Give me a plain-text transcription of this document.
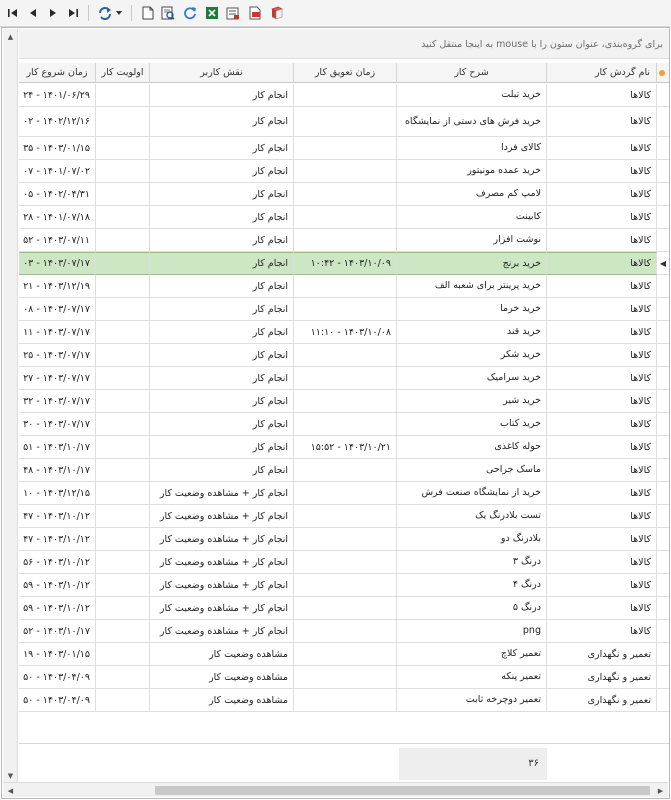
▲
▼
برای گروه‌بندی، عنوان ستون را با mouse به اینجا منتقل کنید
نام گردش کار
شرح کار
زمان تعویق کار
نقش کاربر
اولویت کار
زمان شروع کار
کالاها
خرید تبلت
انجام کار
۱۴۰۱/۰۶/۲۹ - ۲۴
کالاها
خرید فرش های دستی از نمایشگاه
انجام کار
۱۴۰۲/۱۲/۱۶ - ۰۲
کالاها
کالای فردا
انجام کار
۱۴۰۳/۰۱/۱۵ - ۳۵
کالاها
خرید عمده مونیتور
انجام کار
۱۴۰۱/۰۷/۰۲ - ۰۷
کالاها
لامپ کم مصرف
انجام کار
۱۴۰۲/۰۴/۳۱ - ۰۵
کالاها
کابینت
انجام کار
۱۴۰۱/۰۷/۱۸ - ۲۸
کالاها
نوشت افزار
انجام کار
۱۴۰۳/۰۷/۱۱ - ۵۲
کالاها
خرید برنج
۱۴۰۳/۱۰/۰۹ - ۱۰:۴۲
انجام کار
۱۴۰۳/۰۷/۱۷ - ۰۳	◀
کالاها
خرید پرینتر برای شعبه الف
انجام کار
۱۴۰۳/۱۲/۱۹ - ۲۱
کالاها
خرید خرما
انجام کار
۱۴۰۳/۰۷/۱۷ - ۰۸
کالاها
خرید قند
۱۴۰۳/۱۰/۰۸ - ۱۱:۱۰
انجام کار
۱۴۰۳/۰۷/۱۷ - ۱۱
کالاها
خرید شکر
انجام کار
۱۴۰۳/۰۷/۱۷ - ۲۵
کالاها
خرید سرامیک
انجام کار
۱۴۰۳/۰۷/۱۷ - ۲۷
کالاها
خرید شیر
انجام کار
۱۴۰۳/۰۷/۱۷ - ۳۲
کالاها
خرید کتاب
انجام کار
۱۴۰۳/۰۷/۱۷ - ۳۰
کالاها
حوله کاغذی
۱۴۰۳/۱۰/۲۱ - ۱۵:۵۲
انجام کار
۱۴۰۳/۱۰/۱۷ - ۵۱
کالاها
ماسک جراحی
انجام کار
۱۴۰۳/۱۰/۱۷ - ۴۸
کالاها
خرید از نمایشگاه صنعت فرش
انجام کار + مشاهده وضعیت کار
۱۴۰۳/۱۲/۱۵ - ۱۰
کالاها
تست بلادرنگ یک
انجام کار + مشاهده وضعیت کار
۱۴۰۳/۱۰/۱۲ - ۴۷
کالاها
بلادرنگ دو
انجام کار + مشاهده وضعیت کار
۱۴۰۳/۱۰/۱۲ - ۴۷
کالاها
درنگ ۳
انجام کار + مشاهده وضعیت کار
۱۴۰۳/۱۰/۱۲ - ۵۶
کالاها
درنگ ۴
انجام کار + مشاهده وضعیت کار
۱۴۰۳/۱۰/۱۲ - ۵۹
کالاها
درنگ ۵
انجام کار + مشاهده وضعیت کار
۱۴۰۳/۱۰/۱۲ - ۵۹
کالاها
png
انجام کار + مشاهده وضعیت کار
۱۴۰۳/۱۰/۱۷ - ۵۲
تعمیر و نگهداری
تعمیر کلاچ
مشاهده وضعیت کار
۱۴۰۳/۰۱/۱۵ - ۱۹
تعمیر و نگهداری
تعمیر پنکه
مشاهده وضعیت کار
۱۴۰۳/۰۴/۰۹ - ۵۰
تعمیر و نگهداری
تعمیر دوچرخه ثابت
مشاهده وضعیت کار
۱۴۰۳/۰۴/۰۹ - ۵۰
۳۶
◀	▶
